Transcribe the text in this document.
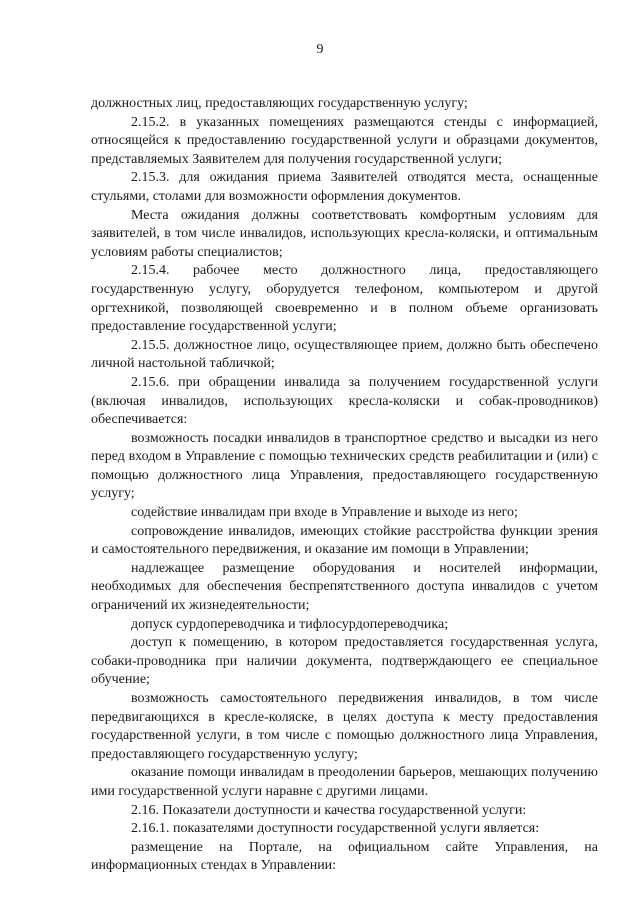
9

должностных лиц, предоставляющих государственную услугу;

2.15.2. в указанных помещениях размещаются стенды с информацией, относящейся к предоставлению государственной услуги и образцами документов, представляемых Заявителем для получения государственной услуги;

2.15.3. для ожидания приема Заявителей отводятся места, оснащенные стульями, столами для возможности оформления документов.

Места ожидания должны соответствовать комфортным условиям для заявителей, в том числе инвалидов, использующих кресла-коляски, и оптимальным условиям работы специалистов;

2.15.4. рабочее место должностного лица, предоставляющего государственную услугу, оборудуется телефоном, компьютером и другой оргтехникой, позволяющей своевременно и в полном объеме организовать предоставление государственной услуги;

2.15.5. должностное лицо, осуществляющее прием, должно быть обеспечено личной настольной табличкой;

2.15.6. при обращении инвалида за получением государственной услуги (включая инвалидов, использующих кресла-коляски и собак-проводников) обеспечивается:

возможность посадки инвалидов в транспортное средство и высадки из него перед входом в Управление с помощью технических средств реабилитации и (или) с помощью должностного лица Управления, предоставляющего государственную услугу;

содействие инвалидам при входе в Управление и выходе из него;

сопровождение инвалидов, имеющих стойкие расстройства функции зрения и самостоятельного передвижения, и оказание им помощи в Управлении;

надлежащее размещение оборудования и носителей информации, необходимых для обеспечения беспрепятственного доступа инвалидов с учетом ограничений их жизнедеятельности;

допуск сурдопереводчика и тифлосурдопереводчика;

доступ к помещению, в котором предоставляется государственная услуга, собаки-проводника при наличии документа, подтверждающего ее специальное обучение;

возможность самостоятельного передвижения инвалидов, в том числе передвигающихся в кресле-коляске, в целях доступа к месту предоставления государственной услуги, в том числе с помощью должностного лица Управления, предоставляющего государственную услугу;

оказание помощи инвалидам в преодолении барьеров, мешающих получению ими государственной услуги наравне с другими лицами.

2.16. Показатели доступности и качества государственной услуги:

2.16.1. показателями доступности государственной услуги является:

размещение на Портале, на официальном сайте Управления, на информационных стендах в Управлении:
